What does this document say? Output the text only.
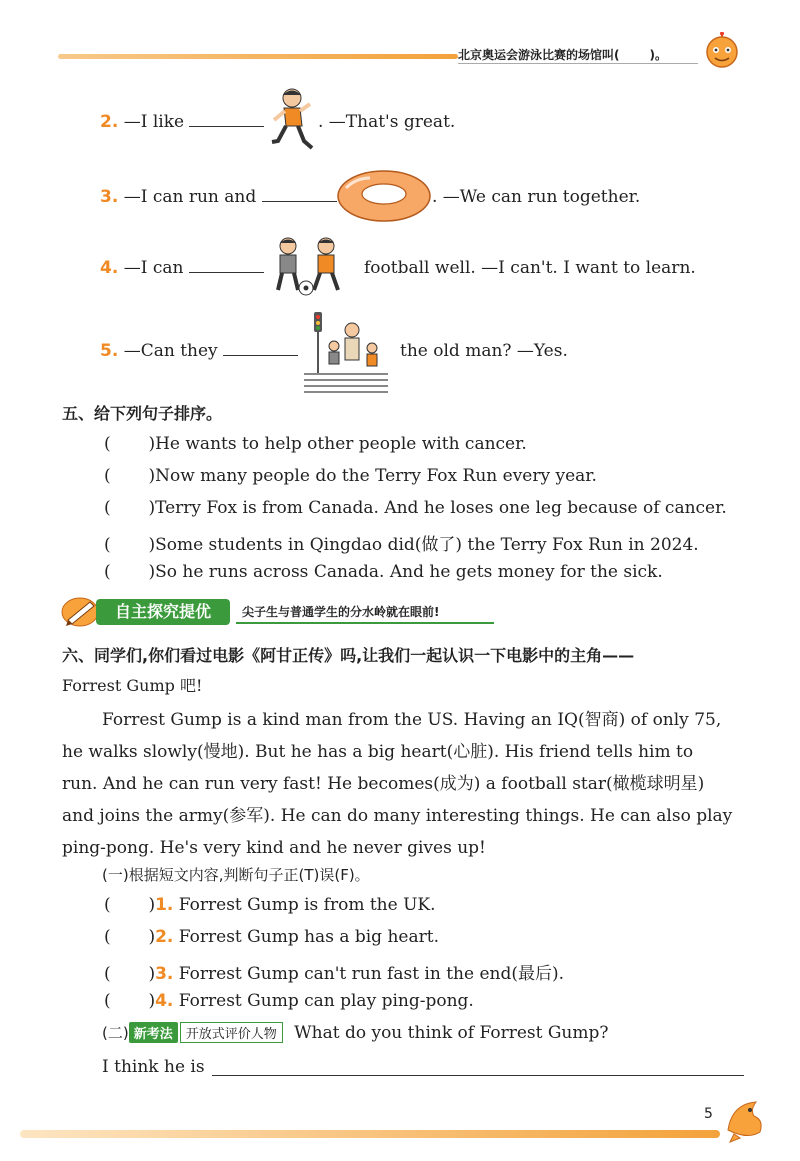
北京奥运会游泳比赛的场馆叫(	)。
2. —I like	. —That's great.
3. —I can run and	. —We can run together.
4. —I can	football well. —I can't. I want to learn.
5. —Can they	the old man? —Yes.
五、给下列句子排序。
(       )He wants to help other people with cancer.
(       )Now many people do the Terry Fox Run every year.
(       )Terry Fox is from Canada. And he loses one leg because of cancer.
(       )Some students in Qingdao did(做了) the Terry Fox Run in 2024.
(       )So he runs across Canada. And he gets money for the sick.
自主探究提优	尖子生与普通学生的分水岭就在眼前!
六、同学们,你们看过电影《阿甘正传》吗,让我们一起认识一下电影中的主角——
Forrest Gump 吧!
Forrest Gump is a kind man from the US. Having an IQ(智商) of only 75,
he walks slowly(慢地). But he has a big heart(心脏). His friend tells him to
run. And he can run very fast! He becomes(成为) a football star(橄榄球明星)
and joins the army(参军). He can do many interesting things. He can also play
ping-pong. He's very kind and he never gives up!
(一)根据短文内容,判断句子正(T)误(F)。
(       )1. Forrest Gump is from the UK.
(       )2. Forrest Gump has a big heart.
(       )3. Forrest Gump can't run fast in the end(最后).
(       )4. Forrest Gump can play ping-pong.
(二) 新考法 开放式评价人物 What do you think of Forrest Gump?
I think he is
5
